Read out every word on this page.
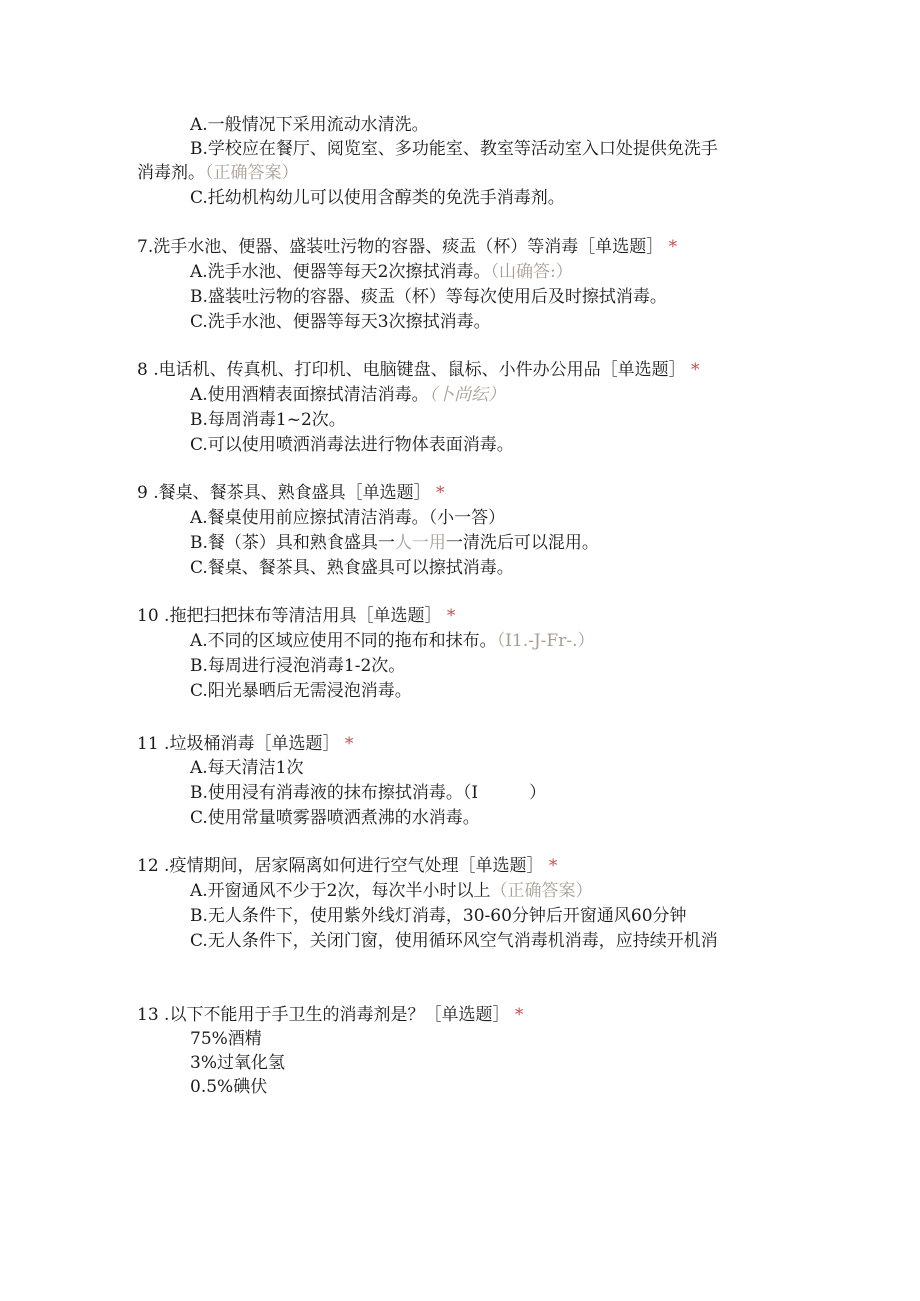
A.一般情况下采用流动水清洗。
B.学校应在餐厅、阅览室、多功能室、教室等活动室入口处提供免洗手
消毒剂。（正确答案）
C.托幼机构幼儿可以使用含醇类的免洗手消毒剂。
7.洗手水池、便器、盛装吐污物的容器、痰盂（杯）等消毒［单选题］ *
A.洗手水池、便器等每天2次擦拭消毒。（山确答:）
B.盛装吐污物的容器、痰盂（杯）等每次使用后及时擦拭消毒。
C.洗手水池、便器等每天3次擦拭消毒。
8 .电话机、传真机、打印机、电脑键盘、鼠标、小件办公用品［单选题］ *
A.使用酒精表面擦拭清洁消毒。（卜尚纭）
B.每周消毒1~2次。
C.可以使用喷洒消毒法进行物体表面消毒。
9 .餐桌、餐茶具、熟食盛具［单选题］ *
A.餐桌使用前应擦拭清洁消毒。（小一答）
B.餐（茶）具和熟食盛具一人一用一清洗后可以混用。
C.餐桌、餐茶具、熟食盛具可以擦拭消毒。
10 .拖把扫把抹布等清洁用具［单选题］ *
A.不同的区域应使用不同的拖布和抹布。（I1.-J-Fr-.）
B.每周进行浸泡消毒1-2次。
C.阳光暴晒后无需浸泡消毒。
11 .垃圾桶消毒［单选题］ *
A.每天清洁1次
B.使用浸有消毒液的抹布擦拭消毒。（I　　　）
C.使用常量喷雾器喷洒煮沸的水消毒。
12 .疫情期间，居家隔离如何进行空气处理［单选题］ *
A.开窗通风不少于2次，每次半小时以上（正确答案）
B.无人条件下，使用紫外线灯消毒，30-60分钟后开窗通风60分钟
C.无人条件下，关闭门窗，使用循环风空气消毒机消毒，应持续开机消
13 .以下不能用于手卫生的消毒剂是？［单选题］ *
75%酒精
3%过氧化氢
0.5%碘伏
